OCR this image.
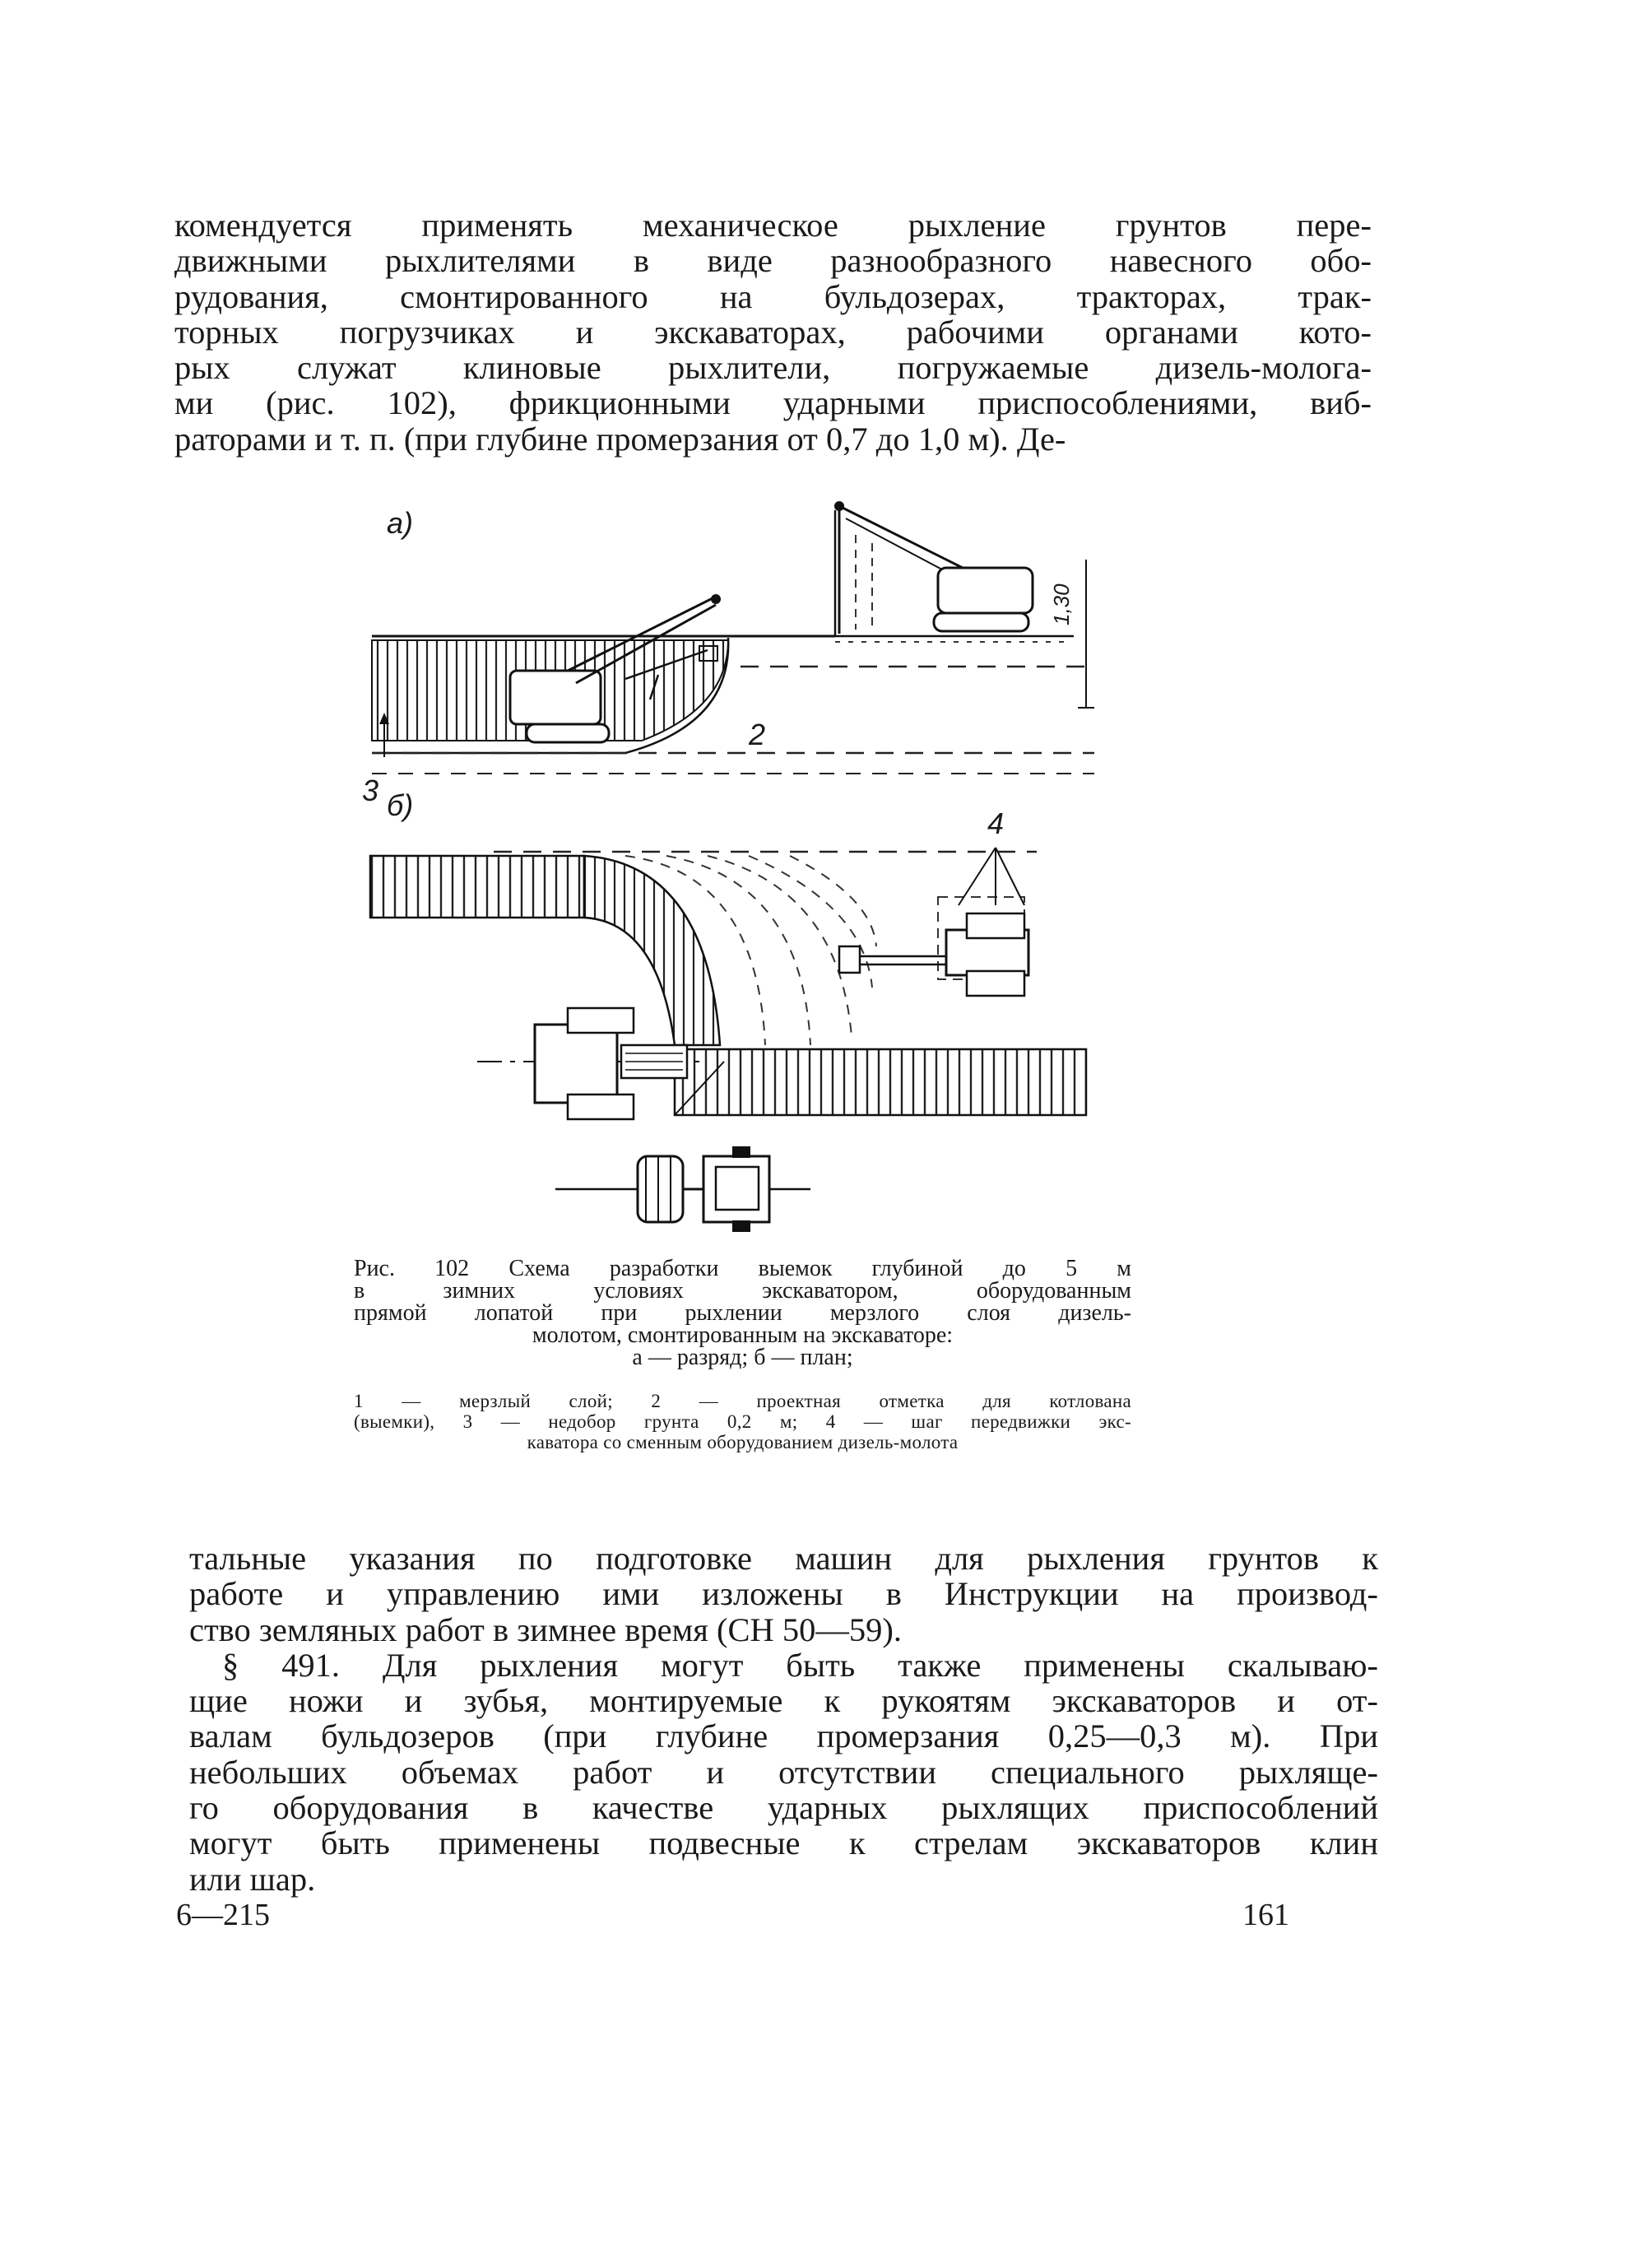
комендуется применять механическое рыхление грунтов пере-
движными рыхлителями в виде разнообразного навесного обо-
рудования, смонтированного на бульдозерах, тракторах, трак-
торных погрузчиках и экскаваторах, рабочими органами кото-
рых служат клиновые рыхлители, погружаемые дизель-молога-
ми (рис. 102), фрикционными ударными приспособлениями, виб-
раторами и т. п. (при глубине промерзания от 0,7 до 1,0 м). Де-
а)
б)
3
2
4
1,30
Рис. 102 Схема разработки выемок глубиной до 5 м
в зимних условиях экскаватором, оборудованным
прямой лопатой при рыхлении мерзлого слоя дизель-
молотом, смонтированным на экскаваторе:
а — разряд; б — план;
1 — мерзлый слой; 2 — проектная отметка для котлована
(выемки), 3 — недобор грунта 0,2 м; 4 — шаг передвижки экс-
каватора со сменным оборудованием дизель-молота
тальные указания по подготовке машин для рыхления грунтов к
работе и управлению ими изложены в Инструкции на производ-
ство земляных работ в зимнее время (СН 50—59).
§ 491. Для рыхления могут быть также применены скалываю-
щие ножи и зубья, монтируемые к рукоятям экскаваторов и от-
валам бульдозеров (при глубине промерзания 0,25—0,3 м). При
небольших объемах работ и отсутствии специального рыхляще-
го оборудования в качестве ударных рыхлящих приспособлений
могут быть применены подвесные к стрелам экскаваторов клин
или шар.
6—215	161
